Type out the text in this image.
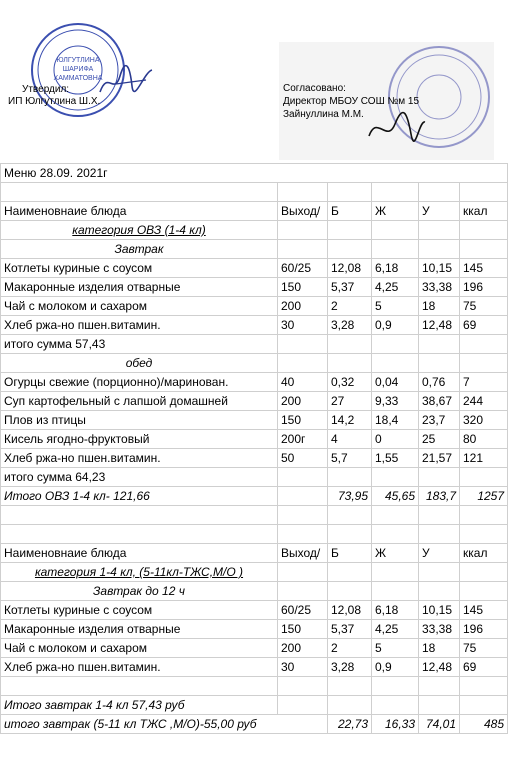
ЮЛГУТЛИНА
ШАРИФА
ХАММАТОВНА
Утвердил:
ИП Юлгутлина Ш.Х.
Согласовано:
Директор МБОУ СОШ №м 15
Зайнуллина М.М.
Меню 28.09. 2021г					

Наименовнаие блюда	Выход/	Б	Ж	У	ккал
категория ОВЗ (1-4 кл)					
Завтрак					
Котлеты куриные с соусом	60/25	12,08	6,18	10,15	145
Макаронные изделия отварные	150	5,37	4,25	33,38	196
Чай с молоком и сахаром	200	2	5	18	75
Хлеб ржа-но пшен.витамин.	30	3,28	0,9	12,48	69
итого сумма 57,43					
обед					
Огурцы свежие (порционно)/маринован.	40	0,32	0,04	0,76	7
Суп картофельный с лапшой домашней	200	27	9,33	38,67	244
Плов из птицы	150	14,2	18,4	23,7	320
Кисель ягодно-фруктовый	200г	4	0	25	80
Хлеб ржа-но пшен.витамин.	50	5,7	1,55	21,57	121
итого сумма 64,23					
Итого ОВЗ 1-4 кл- 121,66		73,95	45,65	183,7	1257

Наименовнаие блюда	Выход/	Б	Ж	У	ккал
категория 1-4 кл, (5-11кл-ТЖС,М/О )					
Завтрак до 12 ч					
Котлеты куриные с соусом	60/25	12,08	6,18	10,15	145
Макаронные изделия отварные	150	5,37	4,25	33,38	196
Чай с молоком и сахаром	200	2	5	18	75
Хлеб ржа-но пшен.витамин.	30	3,28	0,9	12,48	69

Итого завтрак 1-4 кл 57,43 руб					
итого завтрак (5-11 кл ТЖС ,М/О)-55,00 руб		22,73	16,33	74,01	485
